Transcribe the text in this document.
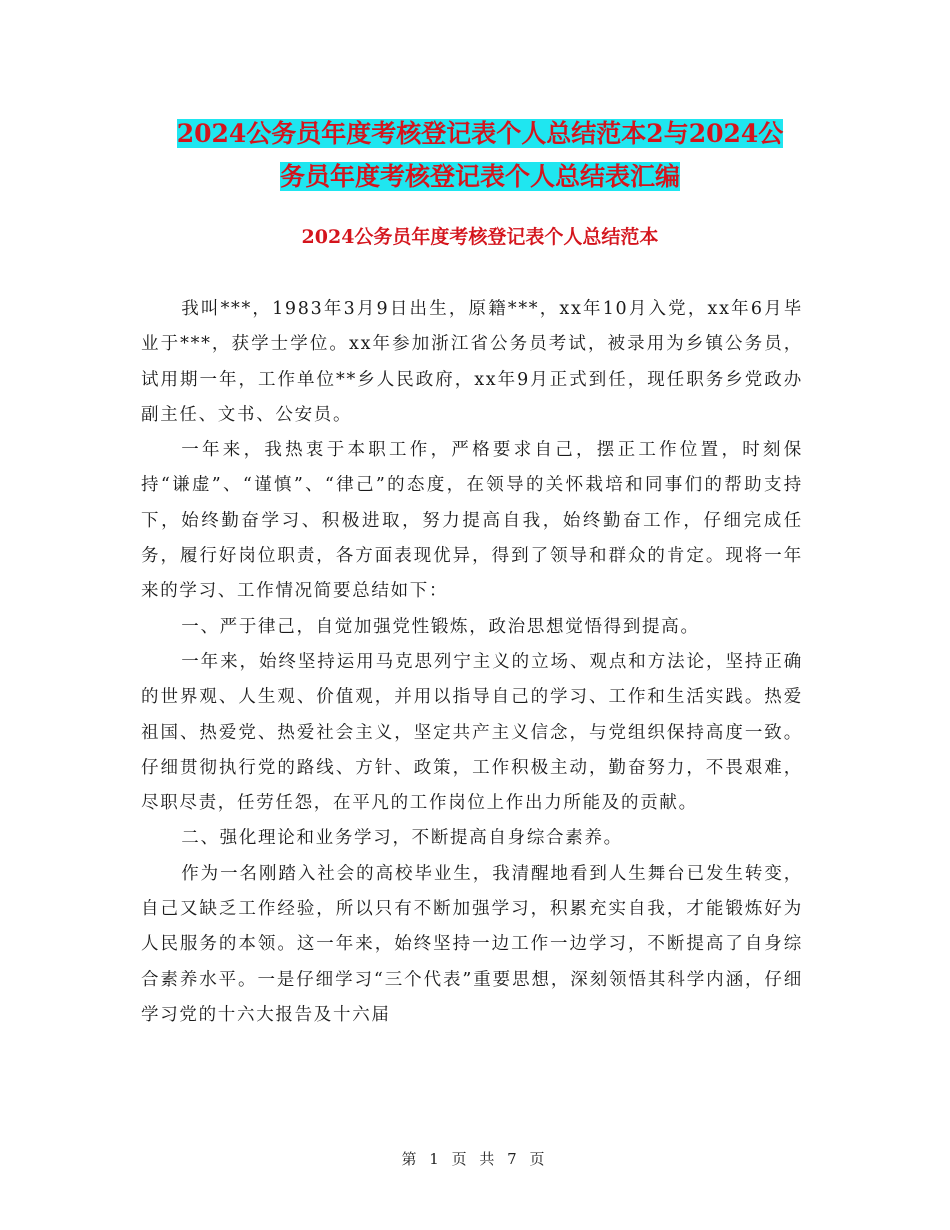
2024公务员年度考核登记表个人总结范本2与2024公
务员年度考核登记表个人总结表汇编
2024公务员年度考核登记表个人总结范本

我叫***，1983年3月9日出生，原籍***，xx年10月入党，xx年6月毕业于***，获学士学位。xx年参加浙江省公务员考试，被录用为乡镇公务员，试用期一年，工作单位**乡人民政府，xx年9月正式到任，现任职务乡党政办副主任、文书、公安员。

一年来，我热衷于本职工作，严格要求自己，摆正工作位置，时刻保持“谦虚”、“谨慎”、“律己”的态度，在领导的关怀栽培和同事们的帮助支持下，始终勤奋学习、积极进取，努力提高自我，始终勤奋工作，仔细完成任务，履行好岗位职责，各方面表现优异，得到了领导和群众的肯定。现将一年来的学习、工作情况简要总结如下：

一、严于律己，自觉加强党性锻炼，政治思想觉悟得到提高。

一年来，始终坚持运用马克思列宁主义的立场、观点和方法论，坚持正确的世界观、人生观、价值观，并用以指导自己的学习、工作和生活实践。热爱祖国、热爱党、热爱社会主义，坚定共产主义信念，与党组织保持高度一致。仔细贯彻执行党的路线、方针、政策，工作积极主动，勤奋努力，不畏艰难，尽职尽责，任劳任怨，在平凡的工作岗位上作出力所能及的贡献。

二、强化理论和业务学习，不断提高自身综合素养。

作为一名刚踏入社会的高校毕业生，我清醒地看到人生舞台已发生转变，自己又缺乏工作经验，所以只有不断加强学习，积累充实自我，才能锻炼好为人民服务的本领。这一年来，始终坚持一边工作一边学习，不断提高了自身综合素养水平。一是仔细学习“三个代表”重要思想，深刻领悟其科学内涵，仔细学习党的十六大报告及十六届

第 1 页 共 7 页
